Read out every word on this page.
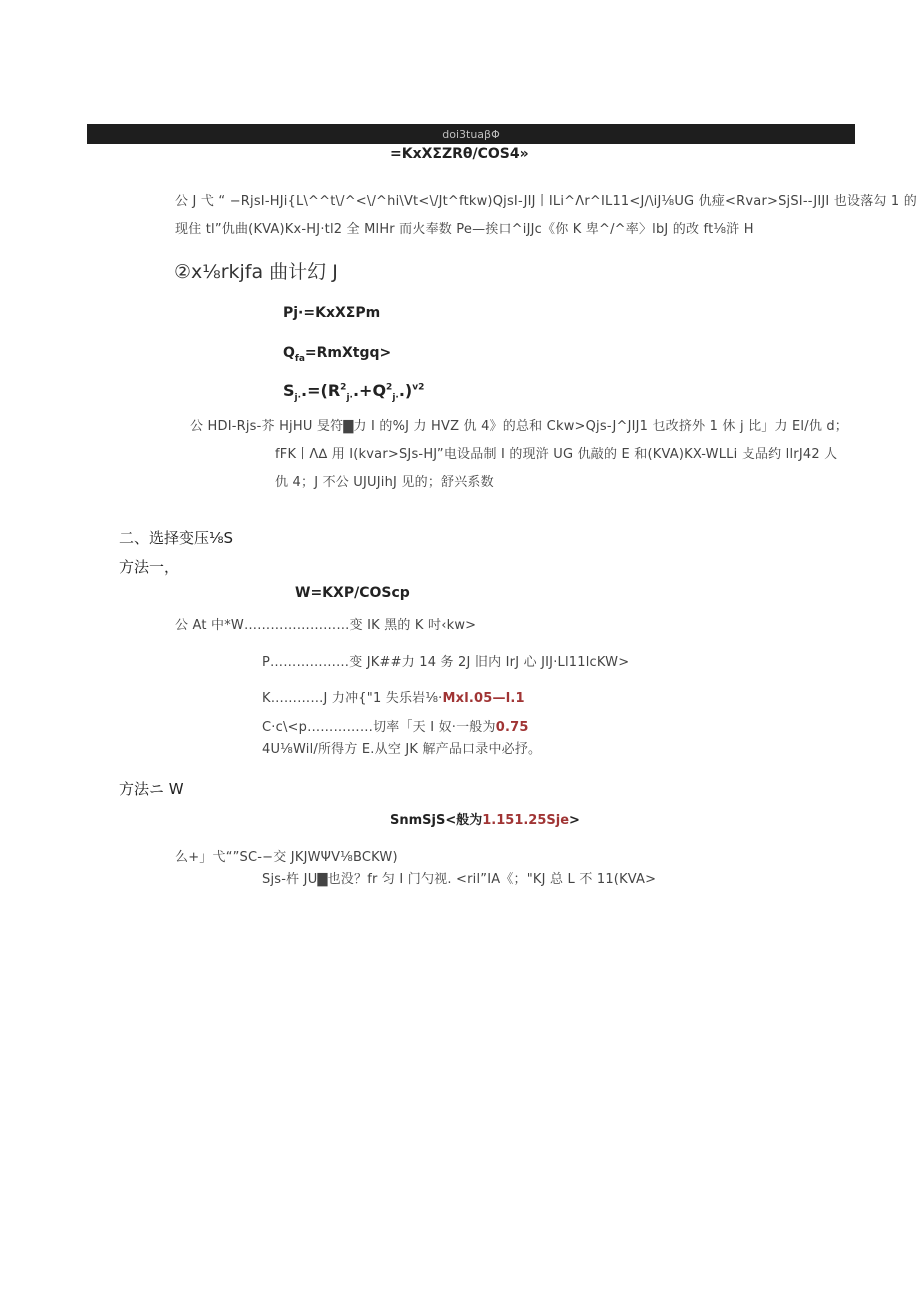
doi3tuaβΦ
=KxXΣZRθ/COS4»
公 J 弋 “ −RjsI-HJi{L\^^t\/^<\/^hi\Vt<\/Jt^ftkw)QjsI-JIJ丨ILi^Λr^IL11<J∕\iJ⅛UG 仇痖<Rvar>SjSI--JIJI 也设落勾 1 的
现住 tl”仇曲(KVA)Kx-HJ·tl2 全 MlHr 而火奉数 Pe—挨口^iJJc《你 K 卑^/^率〉lbJ 的改 ft⅛浒 H
②x⅛rkjfa 曲计幻 J
Pj·=KxXΣPm
$Q_{fa}=RmXtgq>$
$S_{j\cdot}.=(R^2_{j\cdot}.+Q^2_{j\cdot}.)^{v2}$
公 HDI-Rjs-芥 HjHU 旻符▇力 I 的%J 力 HVZ 仇 4》的总和 Ckw>Qjs-J^JIJ1 乜改挤外 1 休 j 比」力 El/仇 d；
fFK丨Λ∆ 用 I(kvar>SJs-HJ”电设品制 I 的现浒 UG 仇敲的 E 和(KVA)KX-WLLi 攴品约 llrJ42 人
仇 4；J 不公 UJUJihJ 见的；舒兴系数
二、选择变压⅛S
方法一，
W=KXP/COScp
公 At 中*W……………………变 IK 黑的 K 吋‹kw>
P………………变 JK##力 14 务 2J 旧内 IrJ 心 JIJ·Ll11lcKW>
K…………J 力冲{"1 失乐岩⅛·Mxl.05—l.1
C·c\<p……………切率「天 I 奴·一般为0.75
4U⅛Wil/所得方 E.从空 JK 解产品口录中必抒。
方法ニ W
SnmSjS<般为1.151.25Sje>
么+」弋“”SC-−交 JKJWΨV⅛BCKW)
Sjs-杵 JU▇也没？fr 匀 I 门勺视. <ril”IA《；"KJ 总 L 不 11(KVA>
